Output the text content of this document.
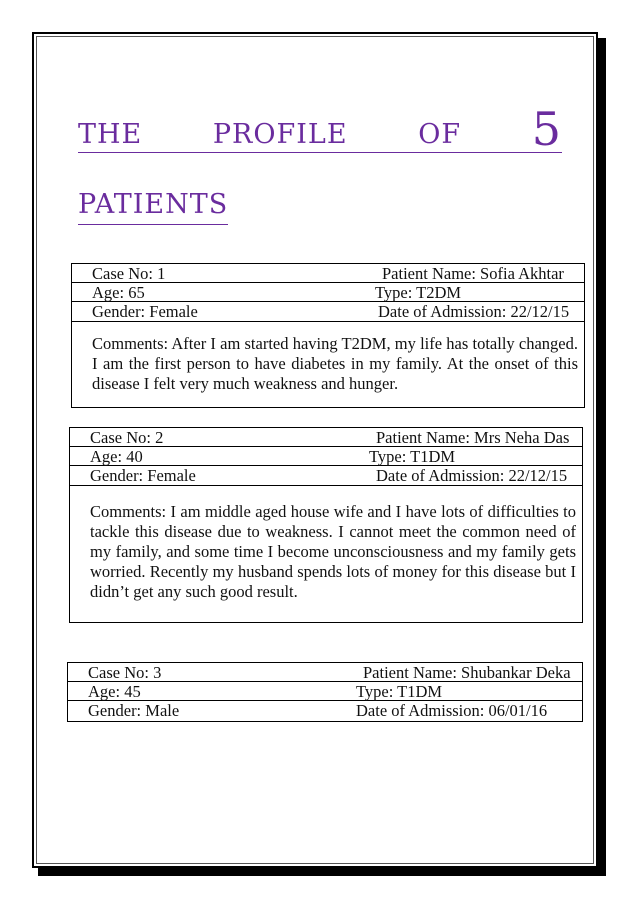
the profile of 5
patients
Case No: 1	Patient Name: Sofia Akhtar
Age: 65	Type: T2DM
Gender: Female	Date of Admission: 22/12/15
Comments: After I am started having T2DM, my life has totally changed. I am the first person to have diabetes in my family. At the onset of this disease I felt very much weakness and hunger.
Case No: 2	Patient Name: Mrs Neha Das
Age: 40	Type: T1DM
Gender: Female	Date of Admission: 22/12/15
Comments: I am middle aged house wife and I have lots of difficulties to tackle this disease due to weakness. I cannot meet the common need of my family, and some time I become unconsciousness and my family gets worried. Recently my husband spends lots of money for this disease but I didn’t get any such good result.
Case No: 3	Patient Name: Shubankar Deka
Age: 45	Type: T1DM
Gender: Male	Date of Admission: 06/01/16
